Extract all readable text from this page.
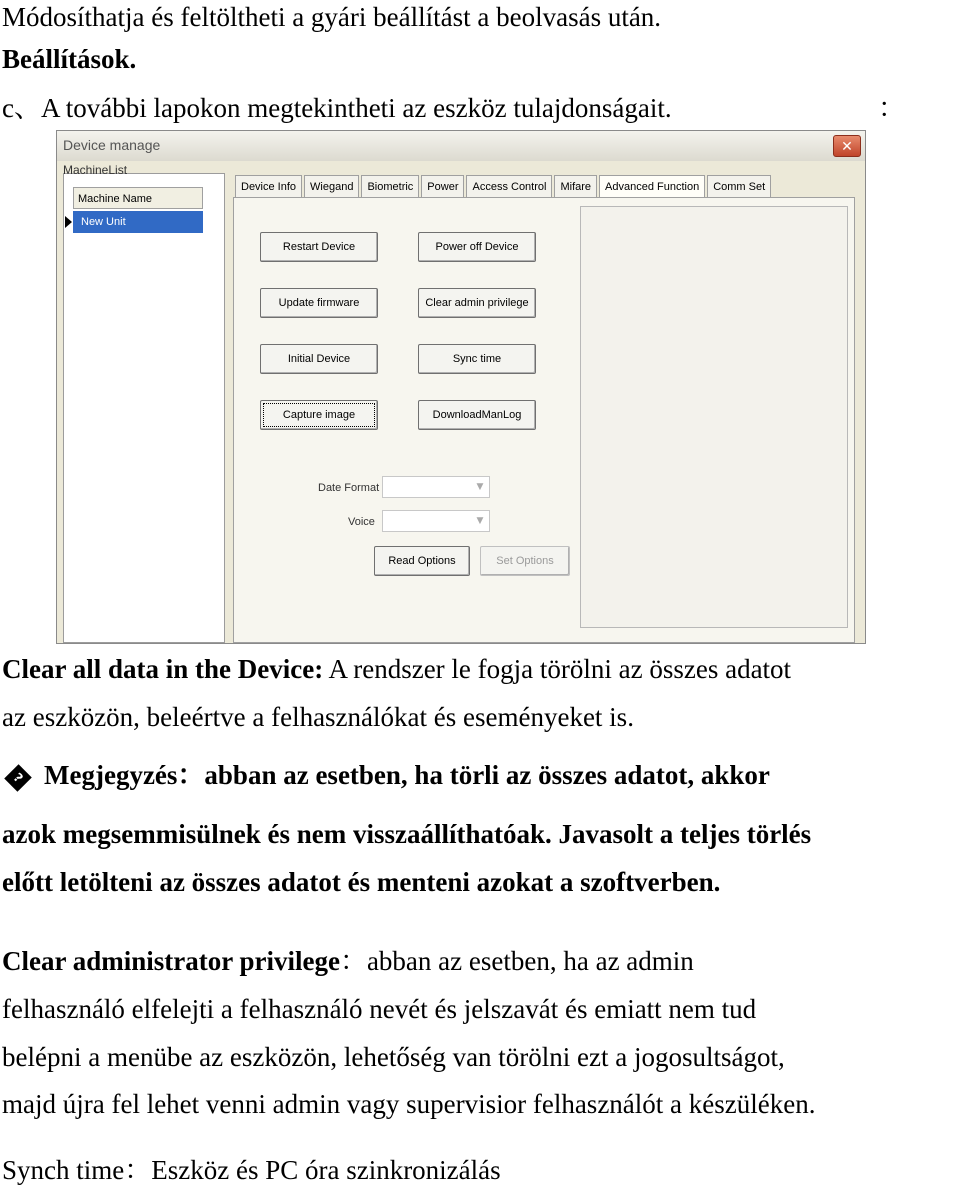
Módosíthatja és feltöltheti a gyári beállítást a beolvasás után.
Beállítások.
c、A további lapokon megtekintheti az eszköz tulajdonságait.	：
Device manage	✕
MachineList
Machine Name
New Unit
Device Info	Wiegand	Biometric	Power	Access Control	Mifare	Advanced Function	Comm Set
Restart Device	Power off Device
Update firmware	Clear admin privilege
Initial Device	Sync time
Capture image	DownloadManLog
Date Format	▼
Voice	▼
Read Options	Set Options
Clear all data in the Device: A rendszer le fogja törölni az összes adatot
az eszközön, beleértve a felhasználókat és eseményeket is.
? Megjegyzés：abban az esetben, ha törli az összes adatot, akkor
azok megsemmisülnek és nem visszaállíthatóak. Javasolt a teljes törlés
előtt letölteni az összes adatot és menteni azokat a szoftverben.
Clear administrator privilege：abban az esetben, ha az admin
felhasználó elfelejti a felhasználó nevét és jelszavát és emiatt nem tud
belépni a menübe az eszközön, lehetőség van törölni ezt a jogosultságot,
majd újra fel lehet venni admin vagy supervisior felhasználót a készüléken.
Synch time：Eszköz és PC óra szinkronizálás
